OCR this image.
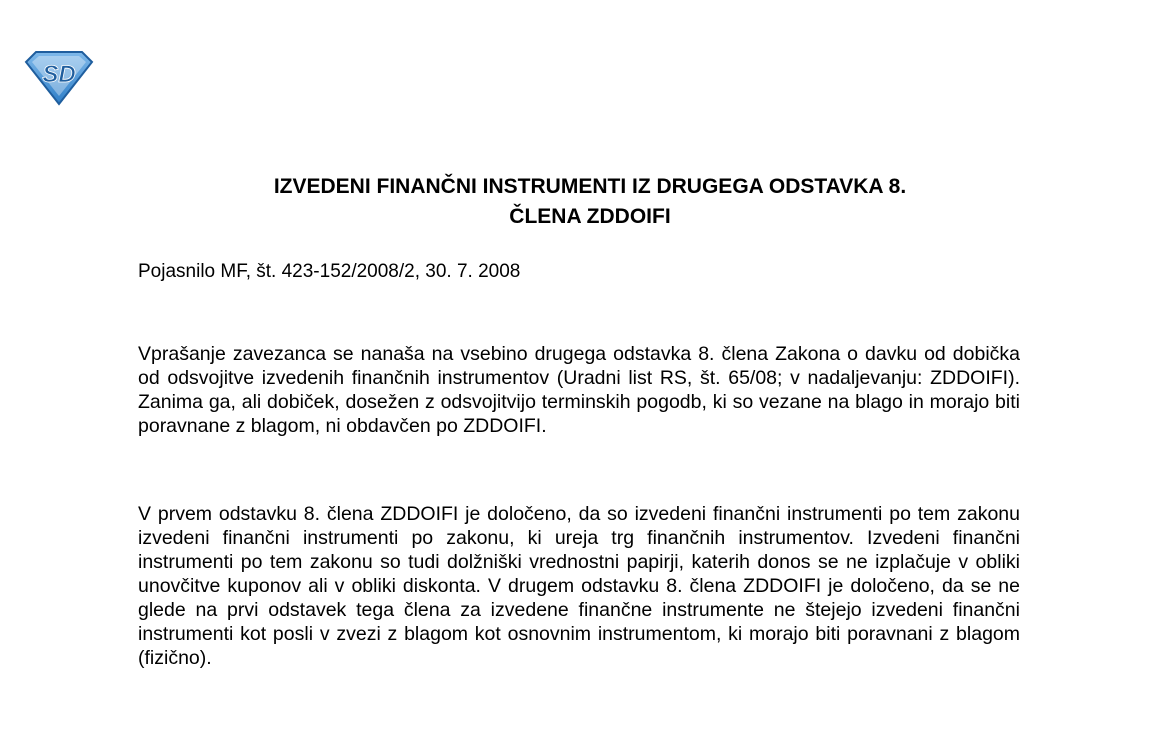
SD
IZVEDENI FINANČNI INSTRUMENTI IZ DRUGEGA ODSTAVKA 8.
ČLENA ZDDOIFI
Pojasnilo MF, št. 423-152/2008/2, 30. 7. 2008
Vprašanje zavezanca se nanaša na vsebino drugega odstavka 8. člena Zakona o davku od dobička od odsvojitve izvedenih finančnih instrumentov (Uradni list RS, št. 65/08; v nadaljevanju: ZDDOIFI). Zanima ga, ali dobiček, dosežen z odsvojitvijo terminskih pogodb, ki so vezane na blago in morajo biti poravnane z blagom, ni obdavčen po ZDDOIFI.
V prvem odstavku 8. člena ZDDOIFI je določeno, da so izvedeni finančni instrumenti po tem zakonu izvedeni finančni instrumenti po zakonu, ki ureja trg finančnih instrumentov. Izvedeni finančni instrumenti po tem zakonu so tudi dolžniški vrednostni papirji, katerih donos se ne izplačuje v obliki unovčitve kuponov ali v obliki diskonta. V drugem odstavku 8. člena ZDDOIFI je določeno, da se ne glede na prvi odstavek tega člena za izvedene finančne instrumente ne štejejo izvedeni finančni instrumenti kot posli v zvezi z blagom kot osnovnim instrumentom, ki morajo biti poravnani z blagom (fizično).
